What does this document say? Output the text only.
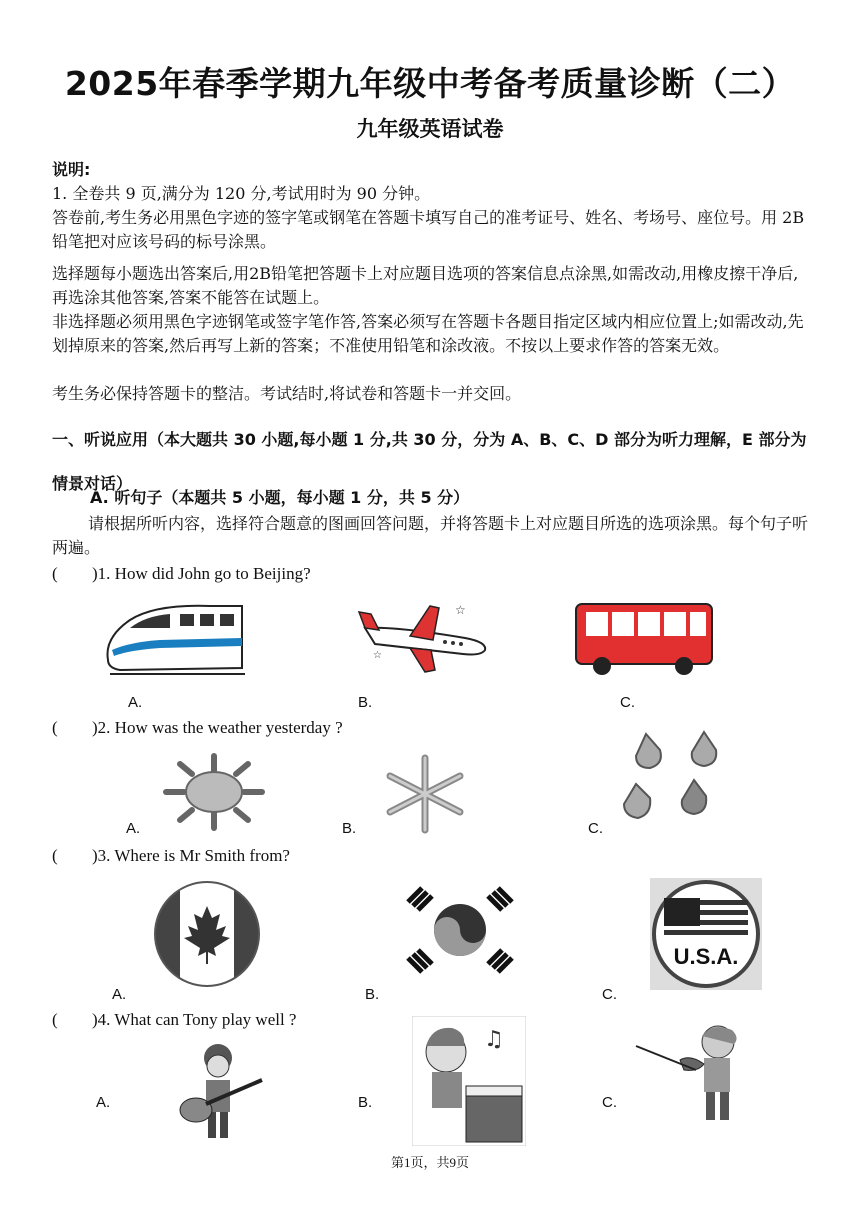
2025年春季学期九年级中考备考质量诊断（二）
九年级英语试卷
说明:
1. 全卷共 9 页,满分为 120 分,考试用时为 90 分钟。
答卷前,考生务必用黑色字迹的签字笔或钢笔在答题卡填写自己的准考证号、姓名、考场号、座位号。用 2B 铅笔把对应该号码的标号涂黑。
选择题每小题选出答案后,用2B铅笔把答题卡上对应题目选项的答案信息点涂黑,如需改动,用橡皮擦干净后,再选涂其他答案,答案不能答在试题上。
非选择题必须用黑色字迹钢笔或签字笔作答,答案必须写在答题卡各题目指定区域内相应位置上;如需改动,先划掉原来的答案,然后再写上新的答案；不准使用铅笔和涂改液。不按以上要求作答的答案无效。
考生务必保持答题卡的整洁。考试结时,将试卷和答题卡一并交回。
一、听说应用（本大题共 30 小题,每小题 1 分,共 30 分，分为 A、B、C、D 部分为听力理解，E 部分为情景对话）
A. 听句子（本题共 5 小题，每小题 1 分，共 5 分）
请根据所听内容，选择符合题意的图画回答问题，并将答题卡上对应题目所选的选项涂黑。每个句子听两遍。
( )1. How did John go to Beijing?
☆
☆
A.	B.	C.
( )2. How was the weather yesterday ?
A.	B.	C.
( )3. Where is Mr Smith from?
U.S.A.
A.	B.	C.
( )4. What can Tony play well ?
♫
A.	B.	C.
第1页，共9页
